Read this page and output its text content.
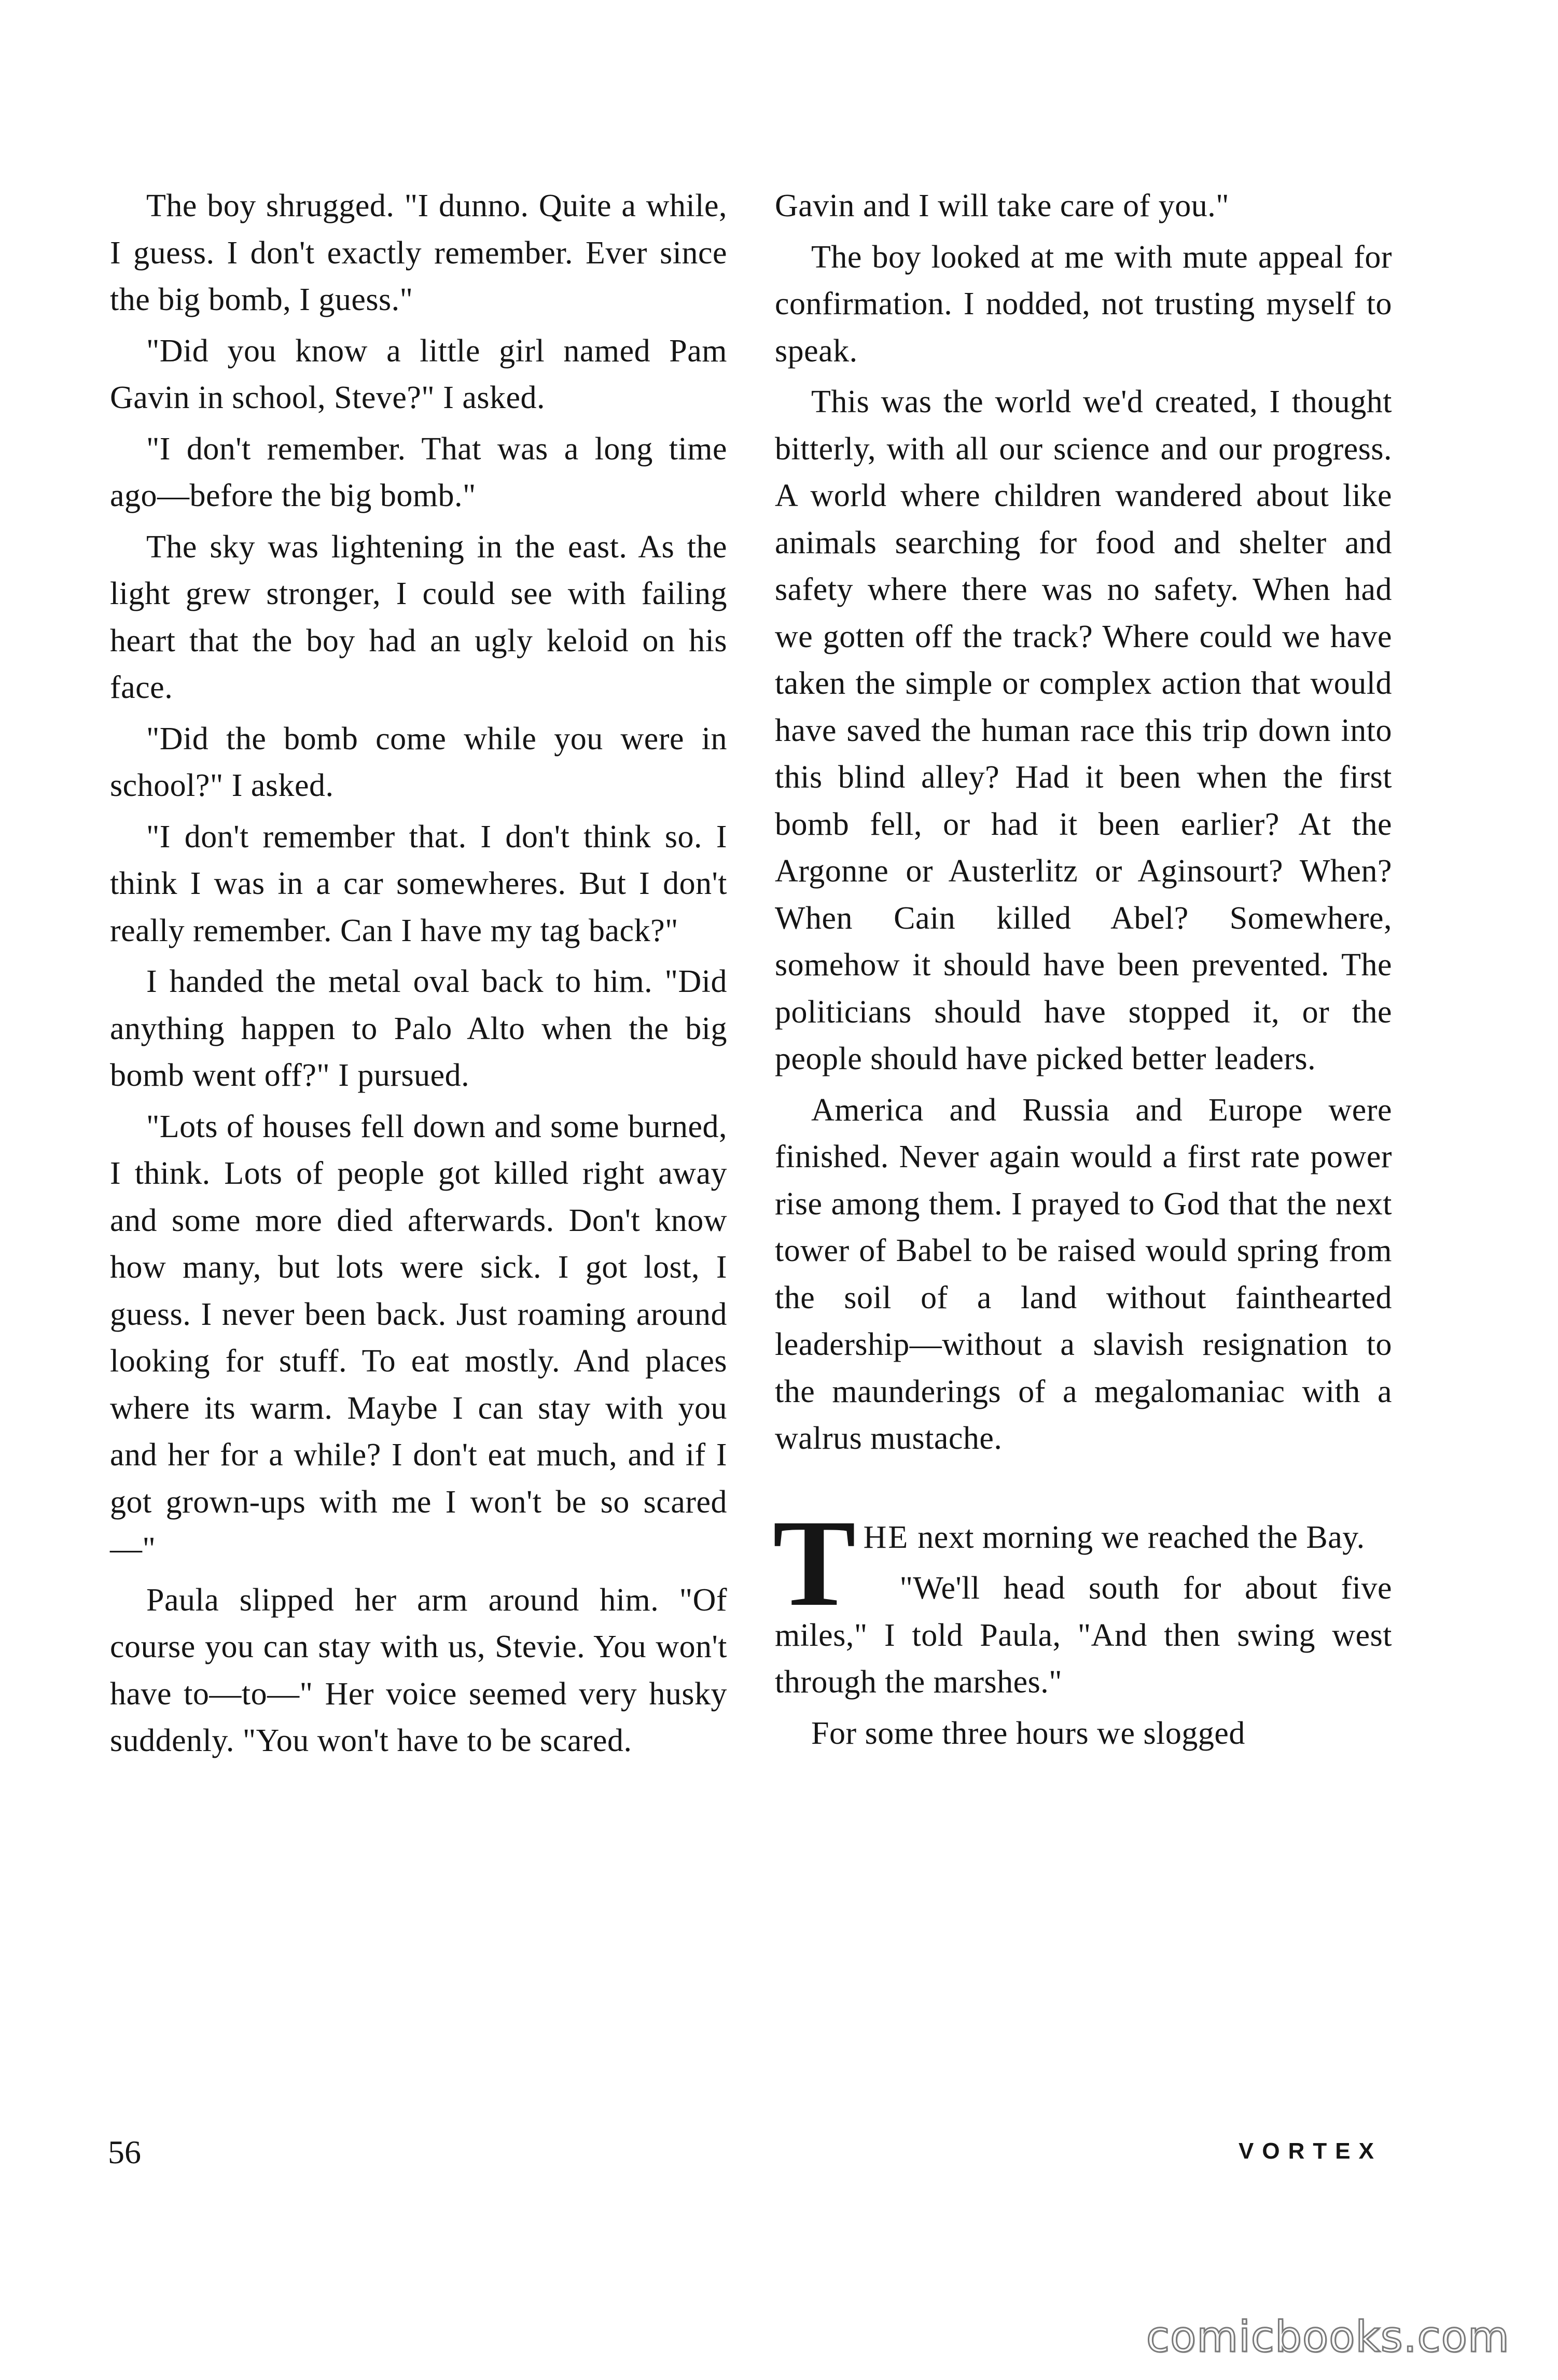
The boy shrugged. "I dunno. Quite a while, I guess. I don't exactly remember. Ever since the big bomb, I guess."

"Did you know a little girl named Pam Gavin in school, Steve?" I asked.

"I don't remember. That was a long time ago—before the big bomb."

The sky was lightening in the east. As the light grew stronger, I could see with failing heart that the boy had an ugly keloid on his face.

"Did the bomb come while you were in school?" I asked.

"I don't remember that. I don't think so. I think I was in a car somewheres. But I don't really remember. Can I have my tag back?"

I handed the metal oval back to him. "Did anything happen to Palo Alto when the big bomb went off?" I pursued.

"Lots of houses fell down and some burned, I think. Lots of people got killed right away and some more died afterwards. Don't know how many, but lots were sick. I got lost, I guess. I never been back. Just roaming around looking for stuff. To eat mostly. And places where its warm. Maybe I can stay with you and her for a while? I don't eat much, and if I got grown-ups with me I won't be so scared—"

Paula slipped her arm around him. "Of course you can stay with us, Stevie. You won't have to—to—" Her voice seemed very husky suddenly. "You won't have to be scared.

Gavin and I will take care of you."

The boy looked at me with mute appeal for confirmation. I nodded, not trusting myself to speak.

This was the world we'd created, I thought bitterly, with all our science and our progress. A world where children wandered about like animals searching for food and shelter and safety where there was no safety. When had we gotten off the track? Where could we have taken the simple or complex action that would have saved the human race this trip down into this blind alley? Had it been when the first bomb fell, or had it been earlier? At the Argonne or Austerlitz or Aginsourt? When? When Cain killed Abel? Somewhere, somehow it should have been prevented. The politicians should have stopped it, or the people should have picked better leaders.

America and Russia and Europe were finished. Never again would a first rate power rise among them. I prayed to God that the next tower of Babel to be raised would spring from the soil of a land without fainthearted leadership—without a slavish resignation to the maunderings of a megalomaniac with a walrus mustache.

THE next morning we reached the Bay.

"We'll head south for about five miles," I told Paula, "And then swing west through the marshes."

For some three hours we slogged

56	VORTEX
comicbooks.com
